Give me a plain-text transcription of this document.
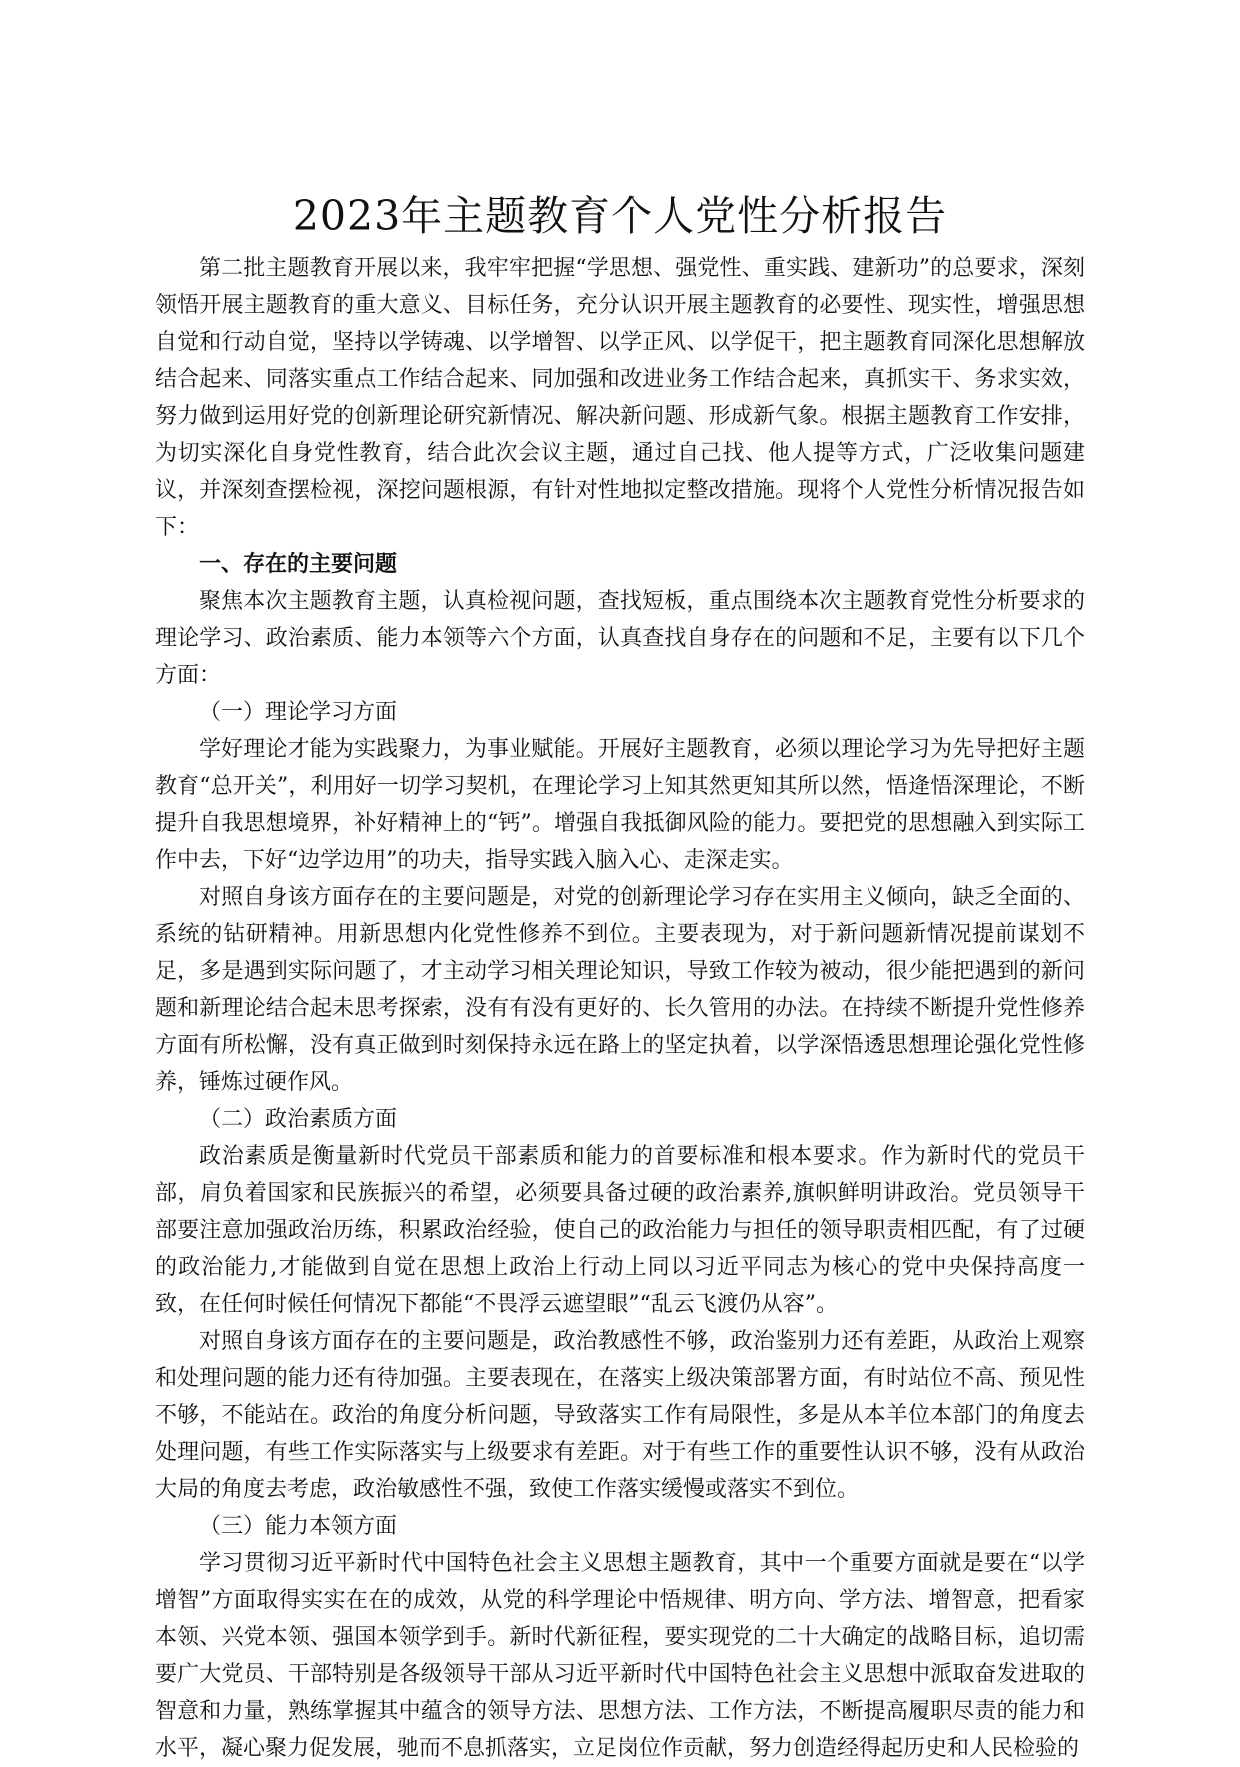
2023年主题教育个人党性分析报告

第二批主题教育开展以来，我牢牢把握“学思想、强党性、重实践、建新功”的总要求，深刻领悟开展主题教育的重大意义、目标任务，充分认识开展主题教育的必要性、现实性，增强思想自觉和行动自觉，坚持以学铸魂、以学增智、以学正风、以学促干，把主题教育同深化思想解放结合起来、同落实重点工作结合起来、同加强和改进业务工作结合起来，真抓实干、务求实效，努力做到运用好党的创新理论研究新情况、解决新问题、形成新气象。根据主题教育工作安排，为切实深化自身党性教育，结合此次会议主题，通过自己找、他人提等方式，广泛收集问题建议，并深刻查摆检视，深挖问题根源，有针对性地拟定整改措施。现将个人党性分析情况报告如下：

一、存在的主要问题

聚焦本次主题教育主题，认真检视问题，查找短板，重点围绕本次主题教育党性分析要求的理论学习、政治素质、能力本领等六个方面，认真查找自身存在的问题和不足，主要有以下几个方面：

（一）理论学习方面

学好理论才能为实践聚力，为事业赋能。开展好主题教育，必须以理论学习为先导把好主题教育“总开关”，利用好一切学习契机，在理论学习上知其然更知其所以然，悟逄悟深理论，不断提升自我思想境界，补好精神上的“钙”。增强自我抵御风险的能力。要把党的思想融入到实际工作中去，下好“边学边用”的功夫，指导实践入脑入心、走深走实。

对照自身该方面存在的主要问题是，对党的创新理论学习存在实用主义倾向，缺乏全面的、系统的钻研精神。用新思想内化党性修养不到位。主要表现为，对于新问题新情况提前谋划不足，多是遇到实际问题了，才主动学习相关理论知识，导致工作较为被动，很少能把遇到的新问题和新理论结合起未思考探索，没有有没有更好的、长久管用的办法。在持续不断提升党性修养方面有所松懈，没有真正做到时刻保持永远在路上的坚定执着，以学深悟透思想理论强化党性修养，锤炼过硬作风。

（二）政治素质方面

政治素质是衡量新时代党员干部素质和能力的首要标准和根本要求。作为新时代的党员干部，肩负着国家和民族振兴的希望，必须要具备过硬的政治素养,旗帜鲜明讲政治。党员领导干部要注意加强政治历练，积累政治经验，使自己的政治能力与担任的领导职责相匹配，有了过硬的政治能力,才能做到自觉在思想上政治上行动上同以习近平同志为核心的党中央保持高度一致，在任何时候任何情况下都能“不畏浮云遮望眼”“乱云飞渡仍从容”。

对照自身该方面存在的主要问题是，政治教感性不够，政治鉴别力还有差距，从政治上观察和处理问题的能力还有待加强。主要表现在，在落实上级决策部署方面，有时站位不高、预见性不够，不能站在。政治的角度分析问题，导致落实工作有局限性，多是从本羊位本部门的角度去处理问题，有些工作实际落实与上级要求有差距。对于有些工作的重要性认识不够，没有从政治大局的角度去考虑，政治敏感性不强，致使工作落实缓慢或落实不到位。

（三）能力本领方面

学习贯彻习近平新时代中国特色社会主义思想主题教育，其中一个重要方面就是要在“以学增智”方面取得实实在在的成效，从党的科学理论中悟规律、明方向、学方法、增智意，把看家本领、兴党本领、强国本领学到手。新时代新征程，要实现党的二十大确定的战略目标，追切需要广大党员、干部特别是各级领导干部从习近平新时代中国特色社会主义思想中派取奋发进取的智意和力量，熟练掌握其中蕴含的领导方法、思想方法、工作方法，不断提高履职尽责的能力和水平，凝心聚力促发展，驰而不息抓落实，立足岗位作贡献，努力创造经得起历史和人民检验的
